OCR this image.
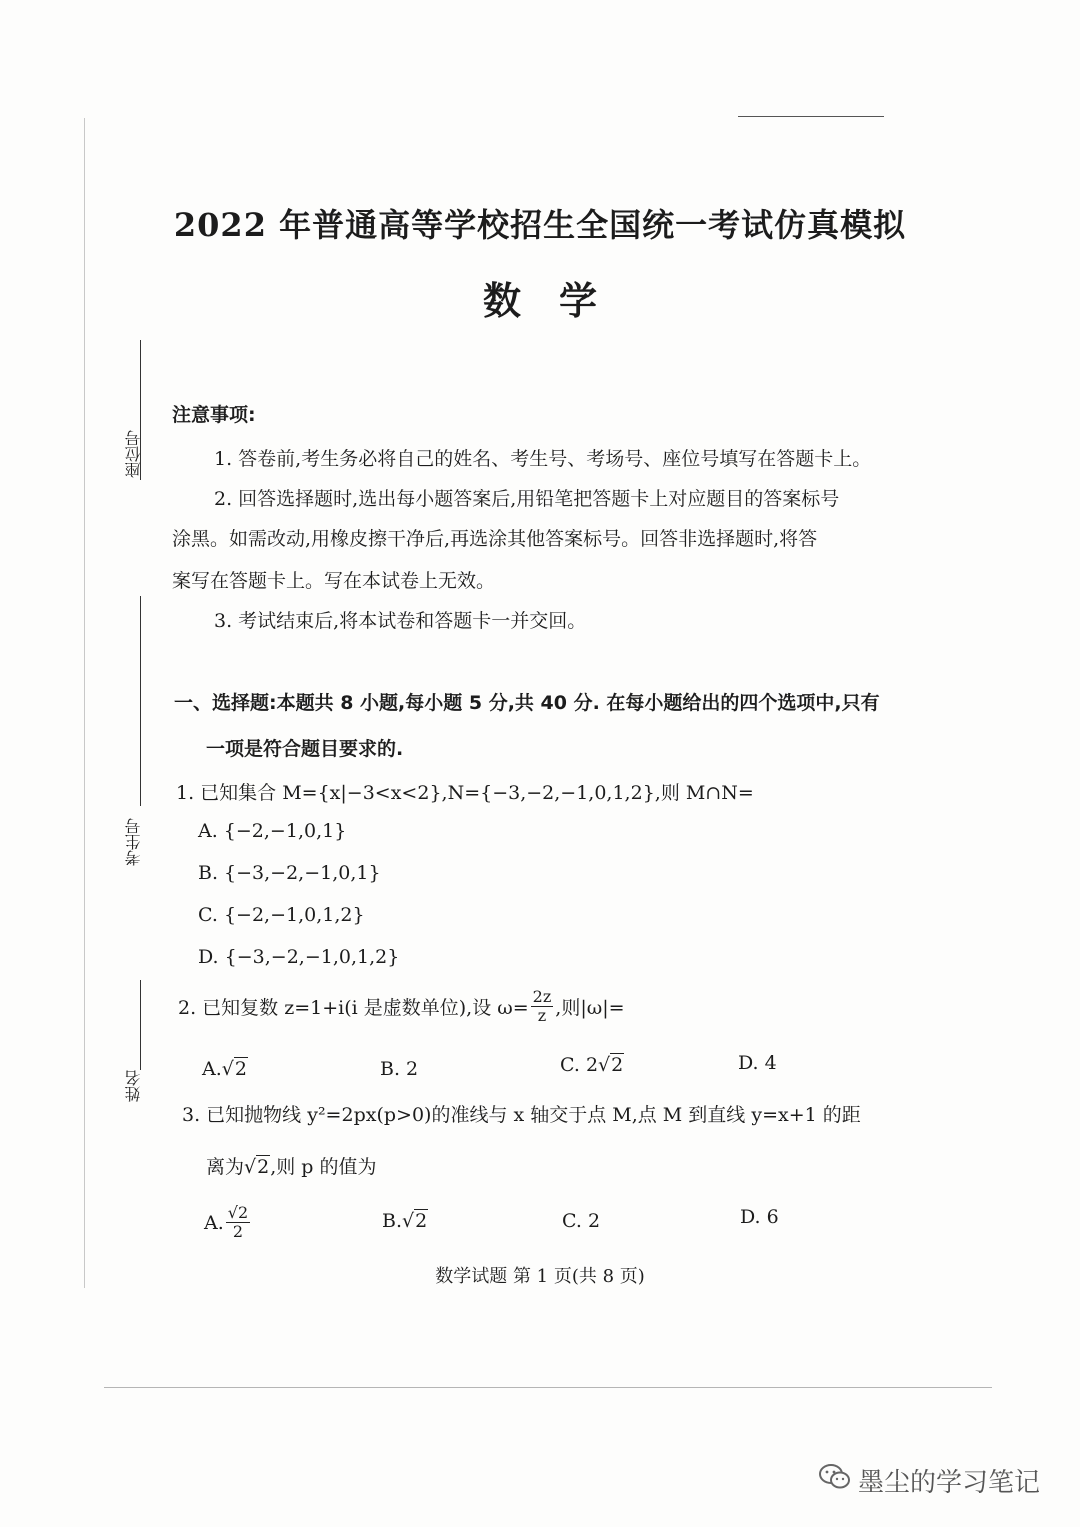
座位号
考生号
姓名
2022 年普通高等学校招生全国统一考试仿真模拟
数　学
注意事项:
1. 答卷前,考生务必将自己的姓名、考生号、考场号、座位号填写在答题卡上。
2. 回答选择题时,选出每小题答案后,用铅笔把答题卡上对应题目的答案标号
涂黑。如需改动,用橡皮擦干净后,再选涂其他答案标号。回答非选择题时,将答
案写在答题卡上。写在本试卷上无效。
3. 考试结束后,将本试卷和答题卡一并交回。
一、选择题:本题共 8 小题,每小题 5 分,共 40 分. 在每小题给出的四个选项中,只有
一项是符合题目要求的.
1. 已知集合 M={x|−3<x<2},N={−3,−2,−1,0,1,2},则 M∩N=
A. {−2,−1,0,1}
B. {−3,−2,−1,0,1}
C. {−2,−1,0,1,2}
D. {−3,−2,−1,0,1,2}
2. 已知复数 z=1+i(i 是虚数单位),设 $\omega= \frac{2z}{z}$ ,则|ω|=
A.√2	B. 2	C. 2√2	D. 4
3. 已知抛物线 y²=2px(p>0)的准线与 x 轴交于点 M,点 M 到直线 y=x+1 的距
离为√2,则 p 的值为
A. $\frac{√2}{2}$	B.√2	C. 2	D. 6
数学试题 第 1 页(共 8 页)
墨尘的学习笔记
